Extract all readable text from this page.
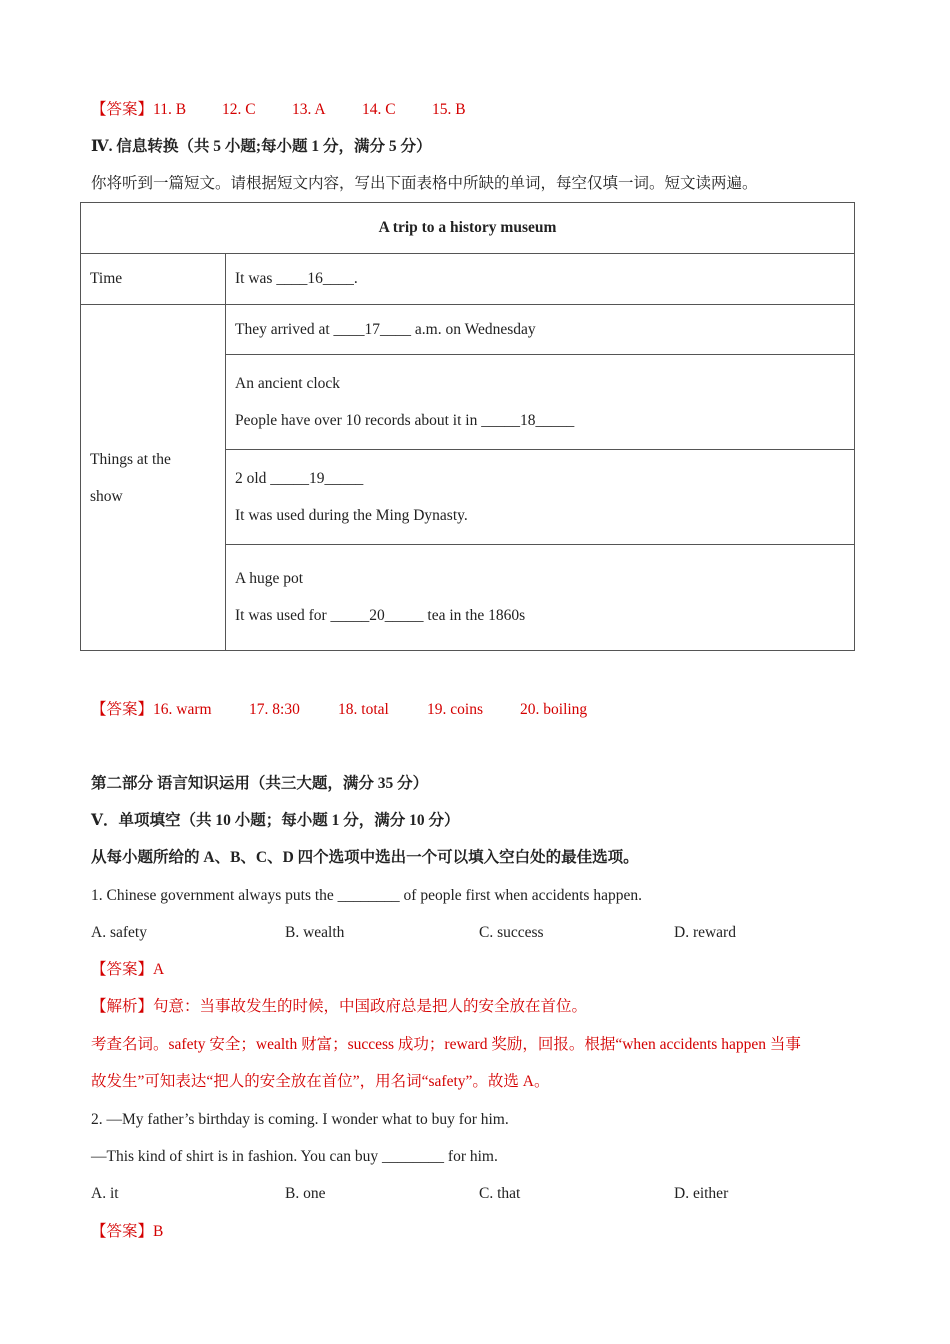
【答案】11. B 12. C 13. A 14. C 15. B
Ⅳ. 信息转换（共 5 小题;每小题 1 分，满分 5 分）
你将听到一篇短文。请根据短文内容，写出下面表格中所缺的单词，每空仅填一词。短文读两遍。
A trip to a history museum	
Time	It was ____16____.

Things at the

show	They arrived at ____17____ a.m. on Wednesday

	An ancient clock

People have over 10 records about it in _____18_____

	2 old _____19_____

It was used during the Ming Dynasty.

	A huge pot

It was used for _____20_____ tea in the 1860s

【答案】16. warm 17. 8:30 18. total 19. coins 20. boiling
第二部分 语言知识运用（共三大题，满分 35 分）
Ⅴ．单项填空（共 10 小题；每小题 1 分，满分 10 分）
从每小题所给的 A、B、C、D 四个选项中选出一个可以填入空白处的最佳选项。
1. Chinese government always puts the ________ of people first when accidents happen.
A. safety	B. wealth	C. success	D. reward
【答案】A
【解析】句意：当事故发生的时候，中国政府总是把人的安全放在首位。
考查名词。safety 安全；wealth 财富；success 成功；reward 奖励，回报。根据“when accidents happen 当事
故发生”可知表达“把人的安全放在首位”，用名词“safety”。故选 A。
2. —My father’s birthday is coming. I wonder what to buy for him.
—This kind of shirt is in fashion. You can buy ________ for him.
A. it	B. one	C. that	D. either
【答案】B
